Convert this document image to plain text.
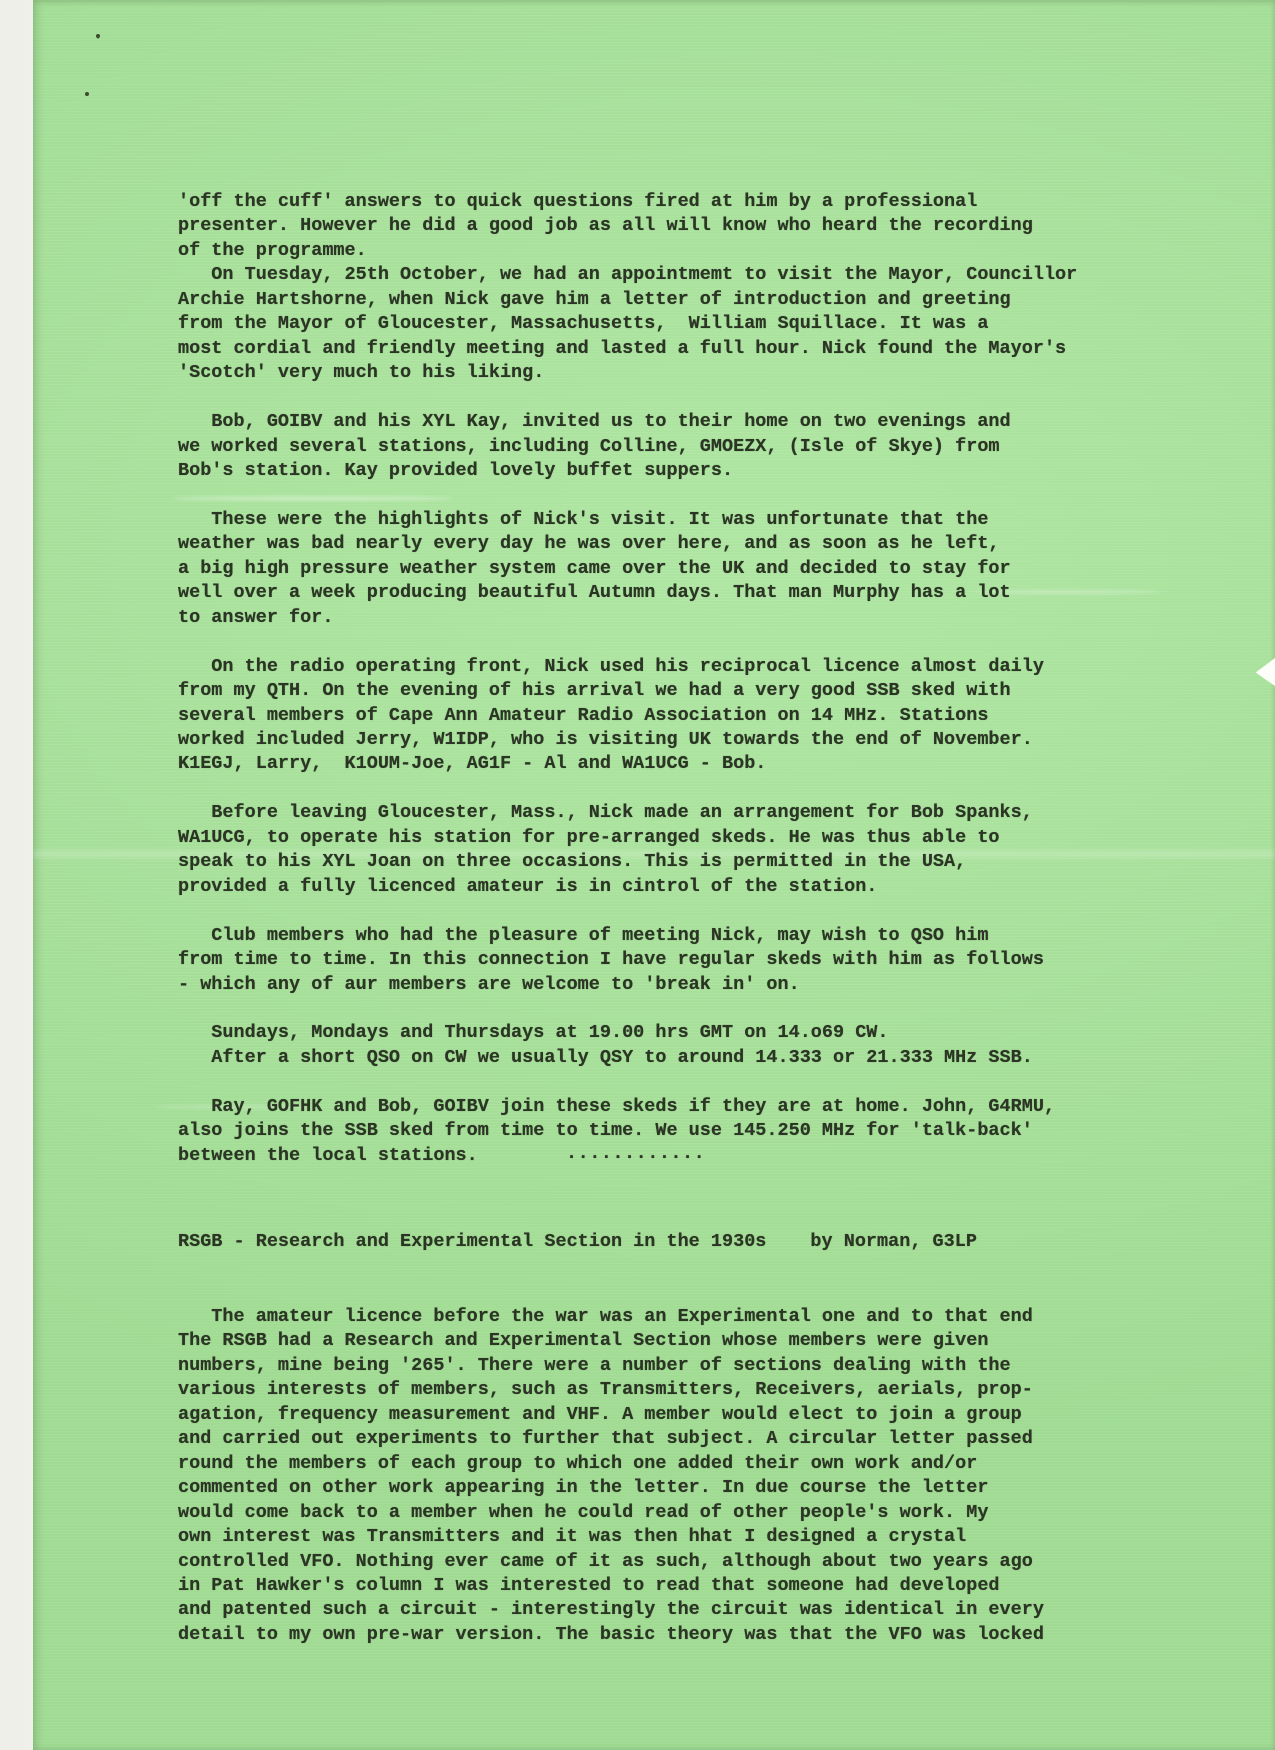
'off the cuff' answers to quick questions fired at him by a professional
presenter. However he did a good job as all will know who heard the recording
of the programme.
On Tuesday, 25th October, we had an appointmemt to visit the Mayor, Councillor
Archie Hartshorne, when Nick gave him a letter of introduction and greeting
from the Mayor of Gloucester, Massachusetts,  William Squillace. It was a
most cordial and friendly meeting and lasted a full hour. Nick found the Mayor's
'Scotch' very much to his liking.

Bob, GOIBV and his XYL Kay, invited us to their home on two evenings and
we worked several stations, including Colline, GMOEZX, (Isle of Skye) from
Bob's station. Kay provided lovely buffet suppers.

These were the highlights of Nick's visit. It was unfortunate that the
weather was bad nearly every day he was over here, and as soon as he left,
a big high pressure weather system came over the UK and decided to stay for
well over a week producing beautiful Autumn days. That man Murphy has a lot
to answer for.

On the radio operating front, Nick used his reciprocal licence almost daily
from my QTH. On the evening of his arrival we had a very good SSB sked with
several members of Cape Ann Amateur Radio Association on 14 MHz. Stations
worked included Jerry, W1IDP, who is visiting UK towards the end of November.
K1EGJ, Larry,  K1OUM-Joe, AG1F - Al and WA1UCG - Bob.

Before leaving Gloucester, Mass., Nick made an arrangement for Bob Spanks,
WA1UCG, to operate his station for pre-arranged skeds. He was thus able to
speak to his XYL Joan on three occasions. This is permitted in the USA,
provided a fully licenced amateur is in cintrol of the station.

Club members who had the pleasure of meeting Nick, may wish to QSO him
from time to time. In this connection I have regular skeds with him as follows
- which any of aur members are welcome to 'break in' on.

Sundays, Mondays and Thursdays at 19.00 hrs GMT on 14.o69 CW.
After a short QSO on CW we usually QSY to around 14.333 or 21.333 MHz SSB.

Ray, GOFHK and Bob, GOIBV join these skeds if they are at home. John, G4RMU,
also joins the SSB sked from time to time. We use 145.250 MHz for 'talk-back'
between the local stations.	............
RSGB - Research and Experimental Section in the 1930s by Norman, G3LP
The amateur licence before the war was an Experimental one and to that end
The RSGB had a Research and Experimental Section whose members were given
numbers, mine being '265'. There were a number of sections dealing with the
various interests of members, such as Transmitters, Receivers, aerials, prop-
agation, frequency measurement and VHF. A member would elect to join a group
and carried out experiments to further that subject. A circular letter passed
round the members of each group to which one added their own work and/or
commented on other work appearing in the letter. In due course the letter
would come back to a member when he could read of other people's work. My
own interest was Transmitters and it was then hhat I designed a crystal
controlled VFO. Nothing ever came of it as such, although about two years ago
in Pat Hawker's column I was interested to read that someone had developed
and patented such a circuit - interestingly the circuit was identical in every
detail to my own pre-war version. The basic theory was that the VFO was locked
